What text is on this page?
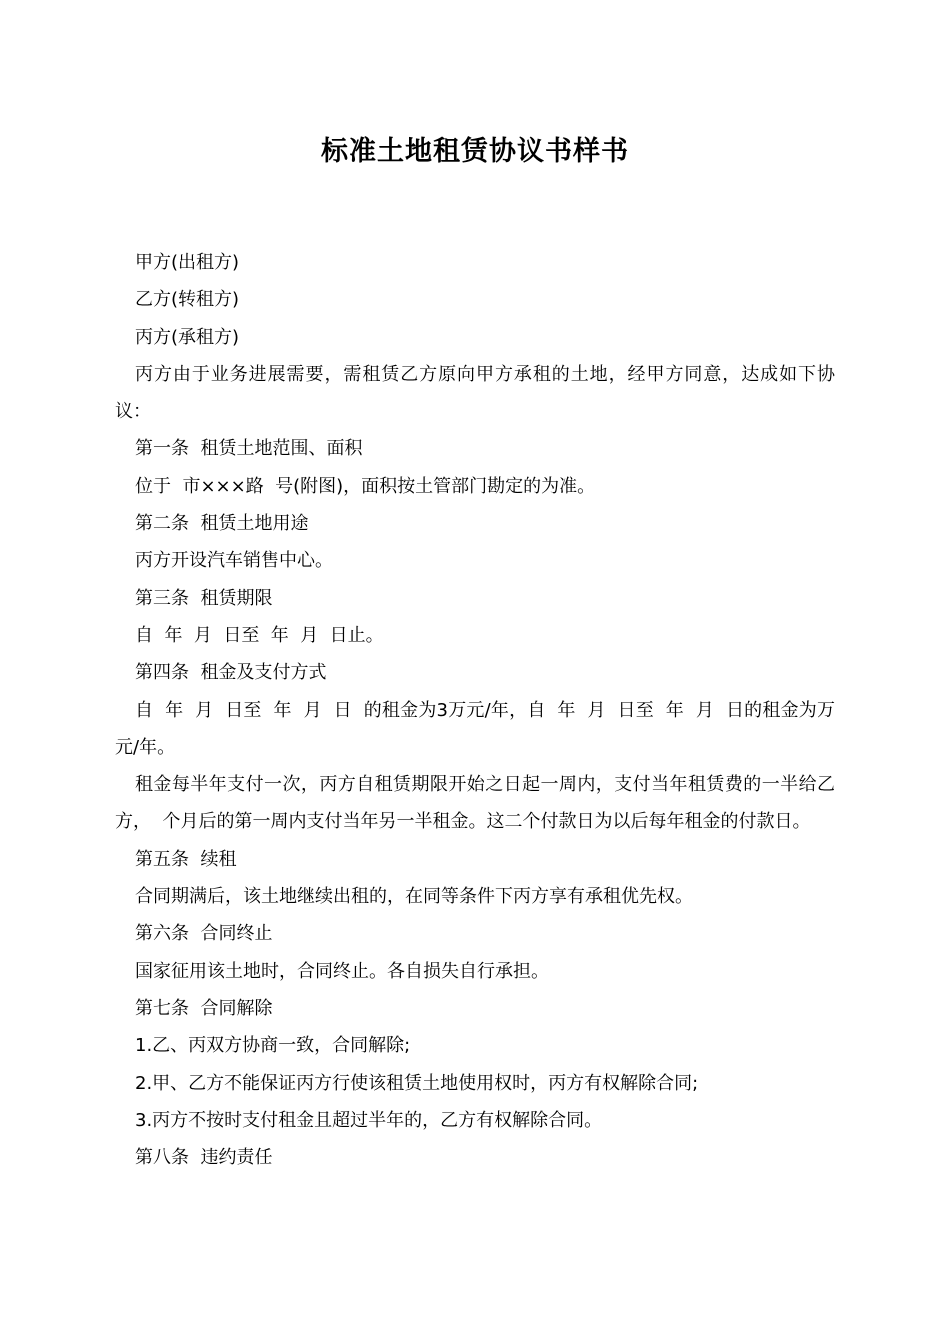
标准土地租赁协议书样书

甲方(出租方)

乙方(转租方)

丙方(承租方)

丙方由于业务进展需要，需租赁乙方原向甲方承租的土地，经甲方同意，达成如下协议：

第一条  租赁土地范围、面积

位于  市×××路  号(附图)，面积按土管部门勘定的为准。

第二条  租赁土地用途

丙方开设汽车销售中心。

第三条  租赁期限

自  年  月  日至  年  月  日止。

第四条  租金及支付方式

自  年  月  日至  年  月  日  的租金为3万元/年，自  年  月  日至  年  月  日的租金为万元/年。

租金每半年支付一次，丙方自租赁期限开始之日起一周内，支付当年租赁费的一半给乙方，  个月后的第一周内支付当年另一半租金。这二个付款日为以后每年租金的付款日。

第五条  续租

合同期满后，该土地继续出租的，在同等条件下丙方享有承租优先权。

第六条  合同终止

国家征用该土地时，合同终止。各自损失自行承担。

第七条  合同解除

1.乙、丙双方协商一致，合同解除;

2.甲、乙方不能保证丙方行使该租赁土地使用权时，丙方有权解除合同;

3.丙方不按时支付租金且超过半年的，乙方有权解除合同。

第八条  违约责任
